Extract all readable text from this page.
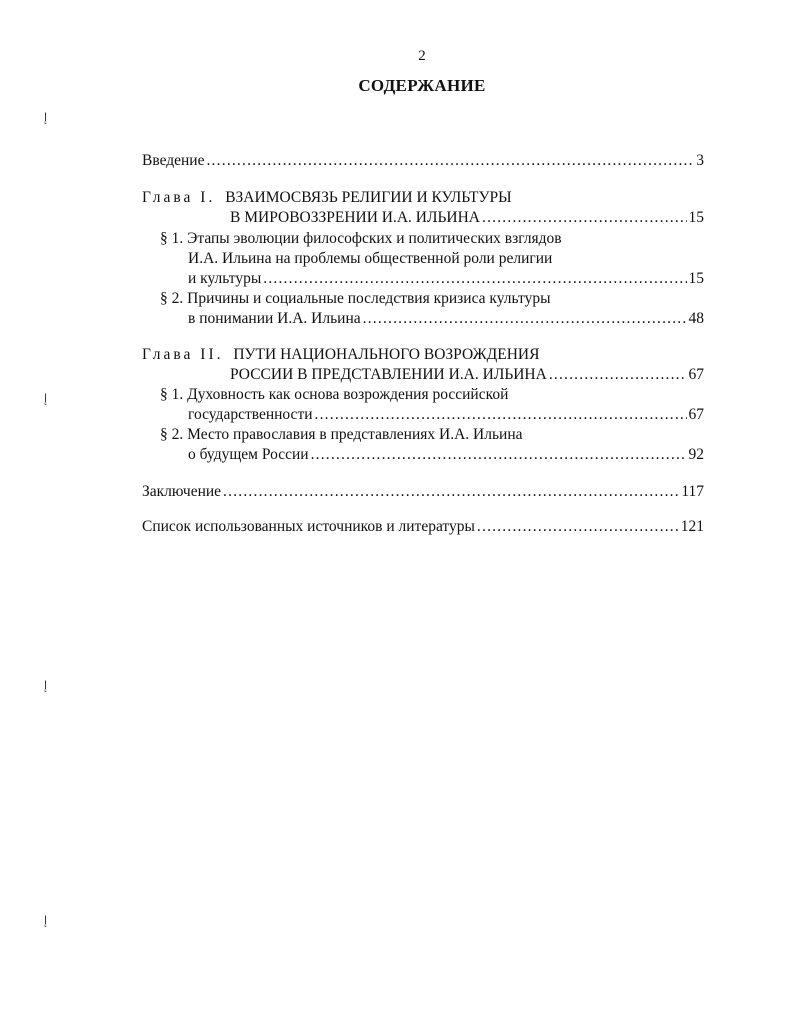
2
СОДЕРЖАНИЕ
ﺇ
ﺇ
ﺇ
ﺇ
Введение .....	3
Глава I. ВЗАИМОСВЯЗЬ РЕЛИГИИ И КУЛЬТУРЫ
В МИРОВОЗЗРЕНИИ И.А. ИЛЬИНА .....	15
§ 1. Этапы эволюции философских и политических взглядов
И.А. Ильина на проблемы общественной роли религии
и культуры .....	15
§ 2. Причины и социальные последствия кризиса культуры
в понимании И.А. Ильина .....	48
Глава II. ПУТИ НАЦИОНАЛЬНОГО ВОЗРОЖДЕНИЯ
РОССИИ В ПРЕДСТАВЛЕНИИ И.А. ИЛЬИНА .....	67
§ 1. Духовность как основа возрождения российской
государственности .....	67
§ 2. Место православия в представлениях И.А. Ильина
о будущем России .....	92
Заключение .....	117
Список использованных источников и литературы .....	121
